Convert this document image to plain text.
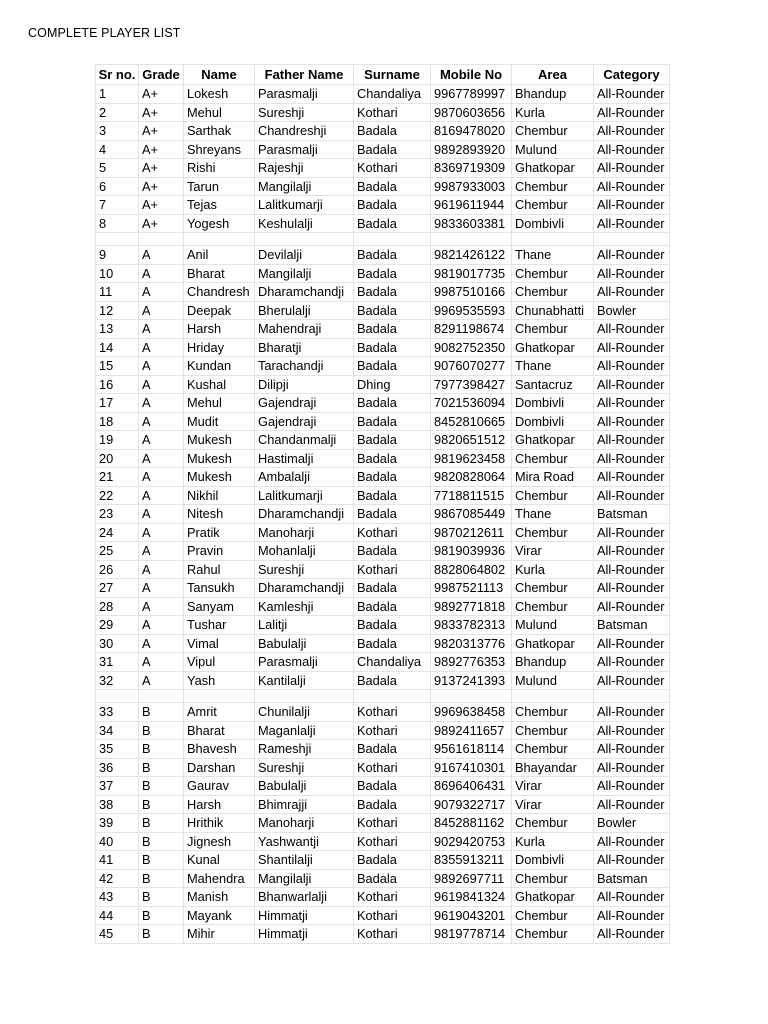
COMPLETE PLAYER LIST
Sr no.	Grade	Name	Father Name	Surname	Mobile No	Area	Category
1	A+	Lokesh	Parasmalji	Chandaliya	9967789997	Bhandup	All-Rounder
2	A+	Mehul	Sureshji	Kothari	9870603656	Kurla	All-Rounder
3	A+	Sarthak	Chandreshji	Badala	8169478020	Chembur	All-Rounder
4	A+	Shreyans	Parasmalji	Badala	9892893920	Mulund	All-Rounder
5	A+	Rishi	Rajeshji	Kothari	8369719309	Ghatkopar	All-Rounder
6	A+	Tarun	Mangilalji	Badala	9987933003	Chembur	All-Rounder
7	A+	Tejas	Lalitkumarji	Badala	9619611944	Chembur	All-Rounder
8	A+	Yogesh	Keshulalji	Badala	9833603381	Dombivli	All-Rounder

9	A	Anil	Devilalji	Badala	9821426122	Thane	All-Rounder
10	A	Bharat	Mangilalji	Badala	9819017735	Chembur	All-Rounder
11	A	Chandresh	Dharamchandji	Badala	9987510166	Chembur	All-Rounder
12	A	Deepak	Bherulalji	Badala	9969535593	Chunabhatti	Bowler
13	A	Harsh	Mahendraji	Badala	8291198674	Chembur	All-Rounder
14	A	Hriday	Bharatji	Badala	9082752350	Ghatkopar	All-Rounder
15	A	Kundan	Tarachandji	Badala	9076070277	Thane	All-Rounder
16	A	Kushal	Dilipji	Dhing	7977398427	Santacruz	All-Rounder
17	A	Mehul	Gajendraji	Badala	7021536094	Dombivli	All-Rounder
18	A	Mudit	Gajendraji	Badala	8452810665	Dombivli	All-Rounder
19	A	Mukesh	Chandanmalji	Badala	9820651512	Ghatkopar	All-Rounder
20	A	Mukesh	Hastimalji	Badala	9819623458	Chembur	All-Rounder
21	A	Mukesh	Ambalalji	Badala	9820828064	Mira Road	All-Rounder
22	A	Nikhil	Lalitkumarji	Badala	7718811515	Chembur	All-Rounder
23	A	Nitesh	Dharamchandji	Badala	9867085449	Thane	Batsman
24	A	Pratik	Manoharji	Kothari	9870212611	Chembur	All-Rounder
25	A	Pravin	Mohanlalji	Badala	9819039936	Virar	All-Rounder
26	A	Rahul	Sureshji	Kothari	8828064802	Kurla	All-Rounder
27	A	Tansukh	Dharamchandji	Badala	9987521113	Chembur	All-Rounder
28	A	Sanyam	Kamleshji	Badala	9892771818	Chembur	All-Rounder
29	A	Tushar	Lalitji	Badala	9833782313	Mulund	Batsman
30	A	Vimal	Babulalji	Badala	9820313776	Ghatkopar	All-Rounder
31	A	Vipul	Parasmalji	Chandaliya	9892776353	Bhandup	All-Rounder
32	A	Yash	Kantilalji	Badala	9137241393	Mulund	All-Rounder

33	B	Amrit	Chunilalji	Kothari	9969638458	Chembur	All-Rounder
34	B	Bharat	Maganlalji	Kothari	9892411657	Chembur	All-Rounder
35	B	Bhavesh	Rameshji	Badala	9561618114	Chembur	All-Rounder
36	B	Darshan	Sureshji	Kothari	9167410301	Bhayandar	All-Rounder
37	B	Gaurav	Babulalji	Badala	8696406431	Virar	All-Rounder
38	B	Harsh	Bhimrajji	Badala	9079322717	Virar	All-Rounder
39	B	Hrithik	Manoharji	Kothari	8452881162	Chembur	Bowler
40	B	Jignesh	Yashwantji	Kothari	9029420753	Kurla	All-Rounder
41	B	Kunal	Shantilalji	Badala	8355913211	Dombivli	All-Rounder
42	B	Mahendra	Mangilalji	Badala	9892697711	Chembur	Batsman
43	B	Manish	Bhanwarlalji	Kothari	9619841324	Ghatkopar	All-Rounder
44	B	Mayank	Himmatji	Kothari	9619043201	Chembur	All-Rounder
45	B	Mihir	Himmatji	Kothari	9819778714	Chembur	All-Rounder
